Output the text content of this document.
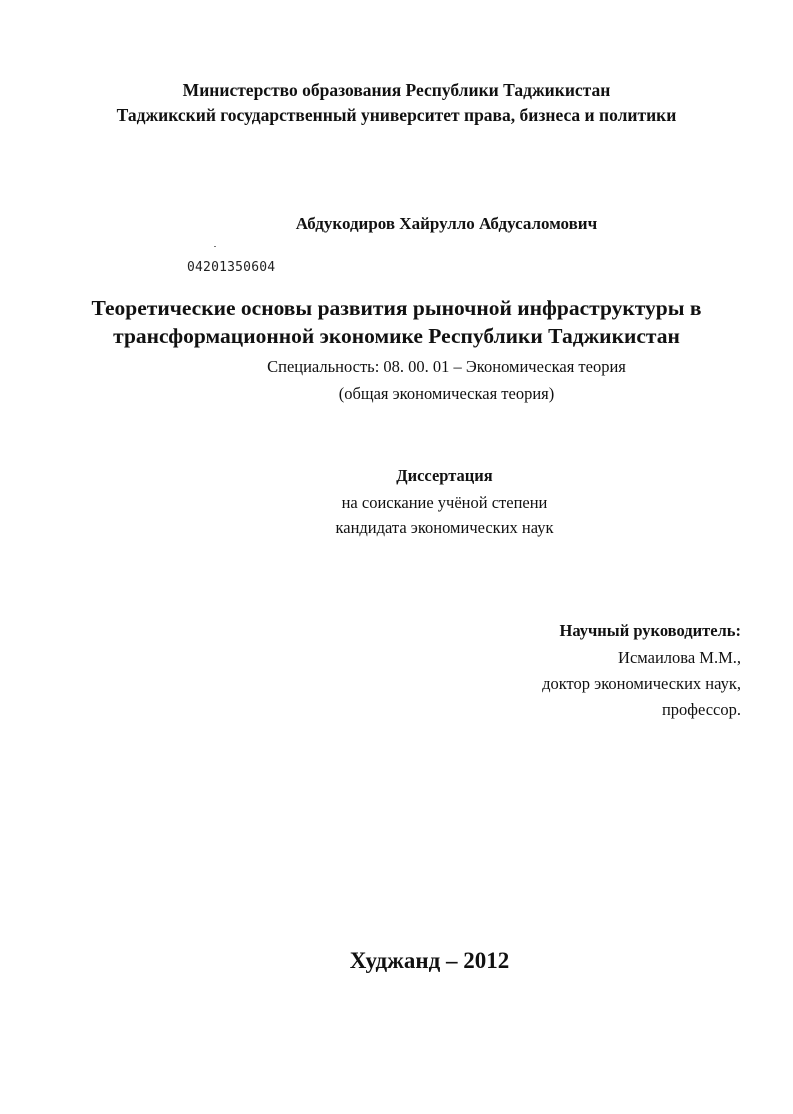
Министерство образования Республики Таджикистан
Таджикский государственный университет права, бизнеса и политики
Абдукодиров Хайрулло Абдусаломович
04201350604
Теоретические основы развития рыночной инфраструктуры в
трансформационной экономике Республики Таджикистан
Специальность: 08. 00. 01 – Экономическая теория
(общая экономическая теория)
Диссертация
на соискание учёной степени
кандидата экономических наук
Научный руководитель:
Исмаилова М.М.,
доктор экономических наук,
профессор.
Худжанд – 2012
